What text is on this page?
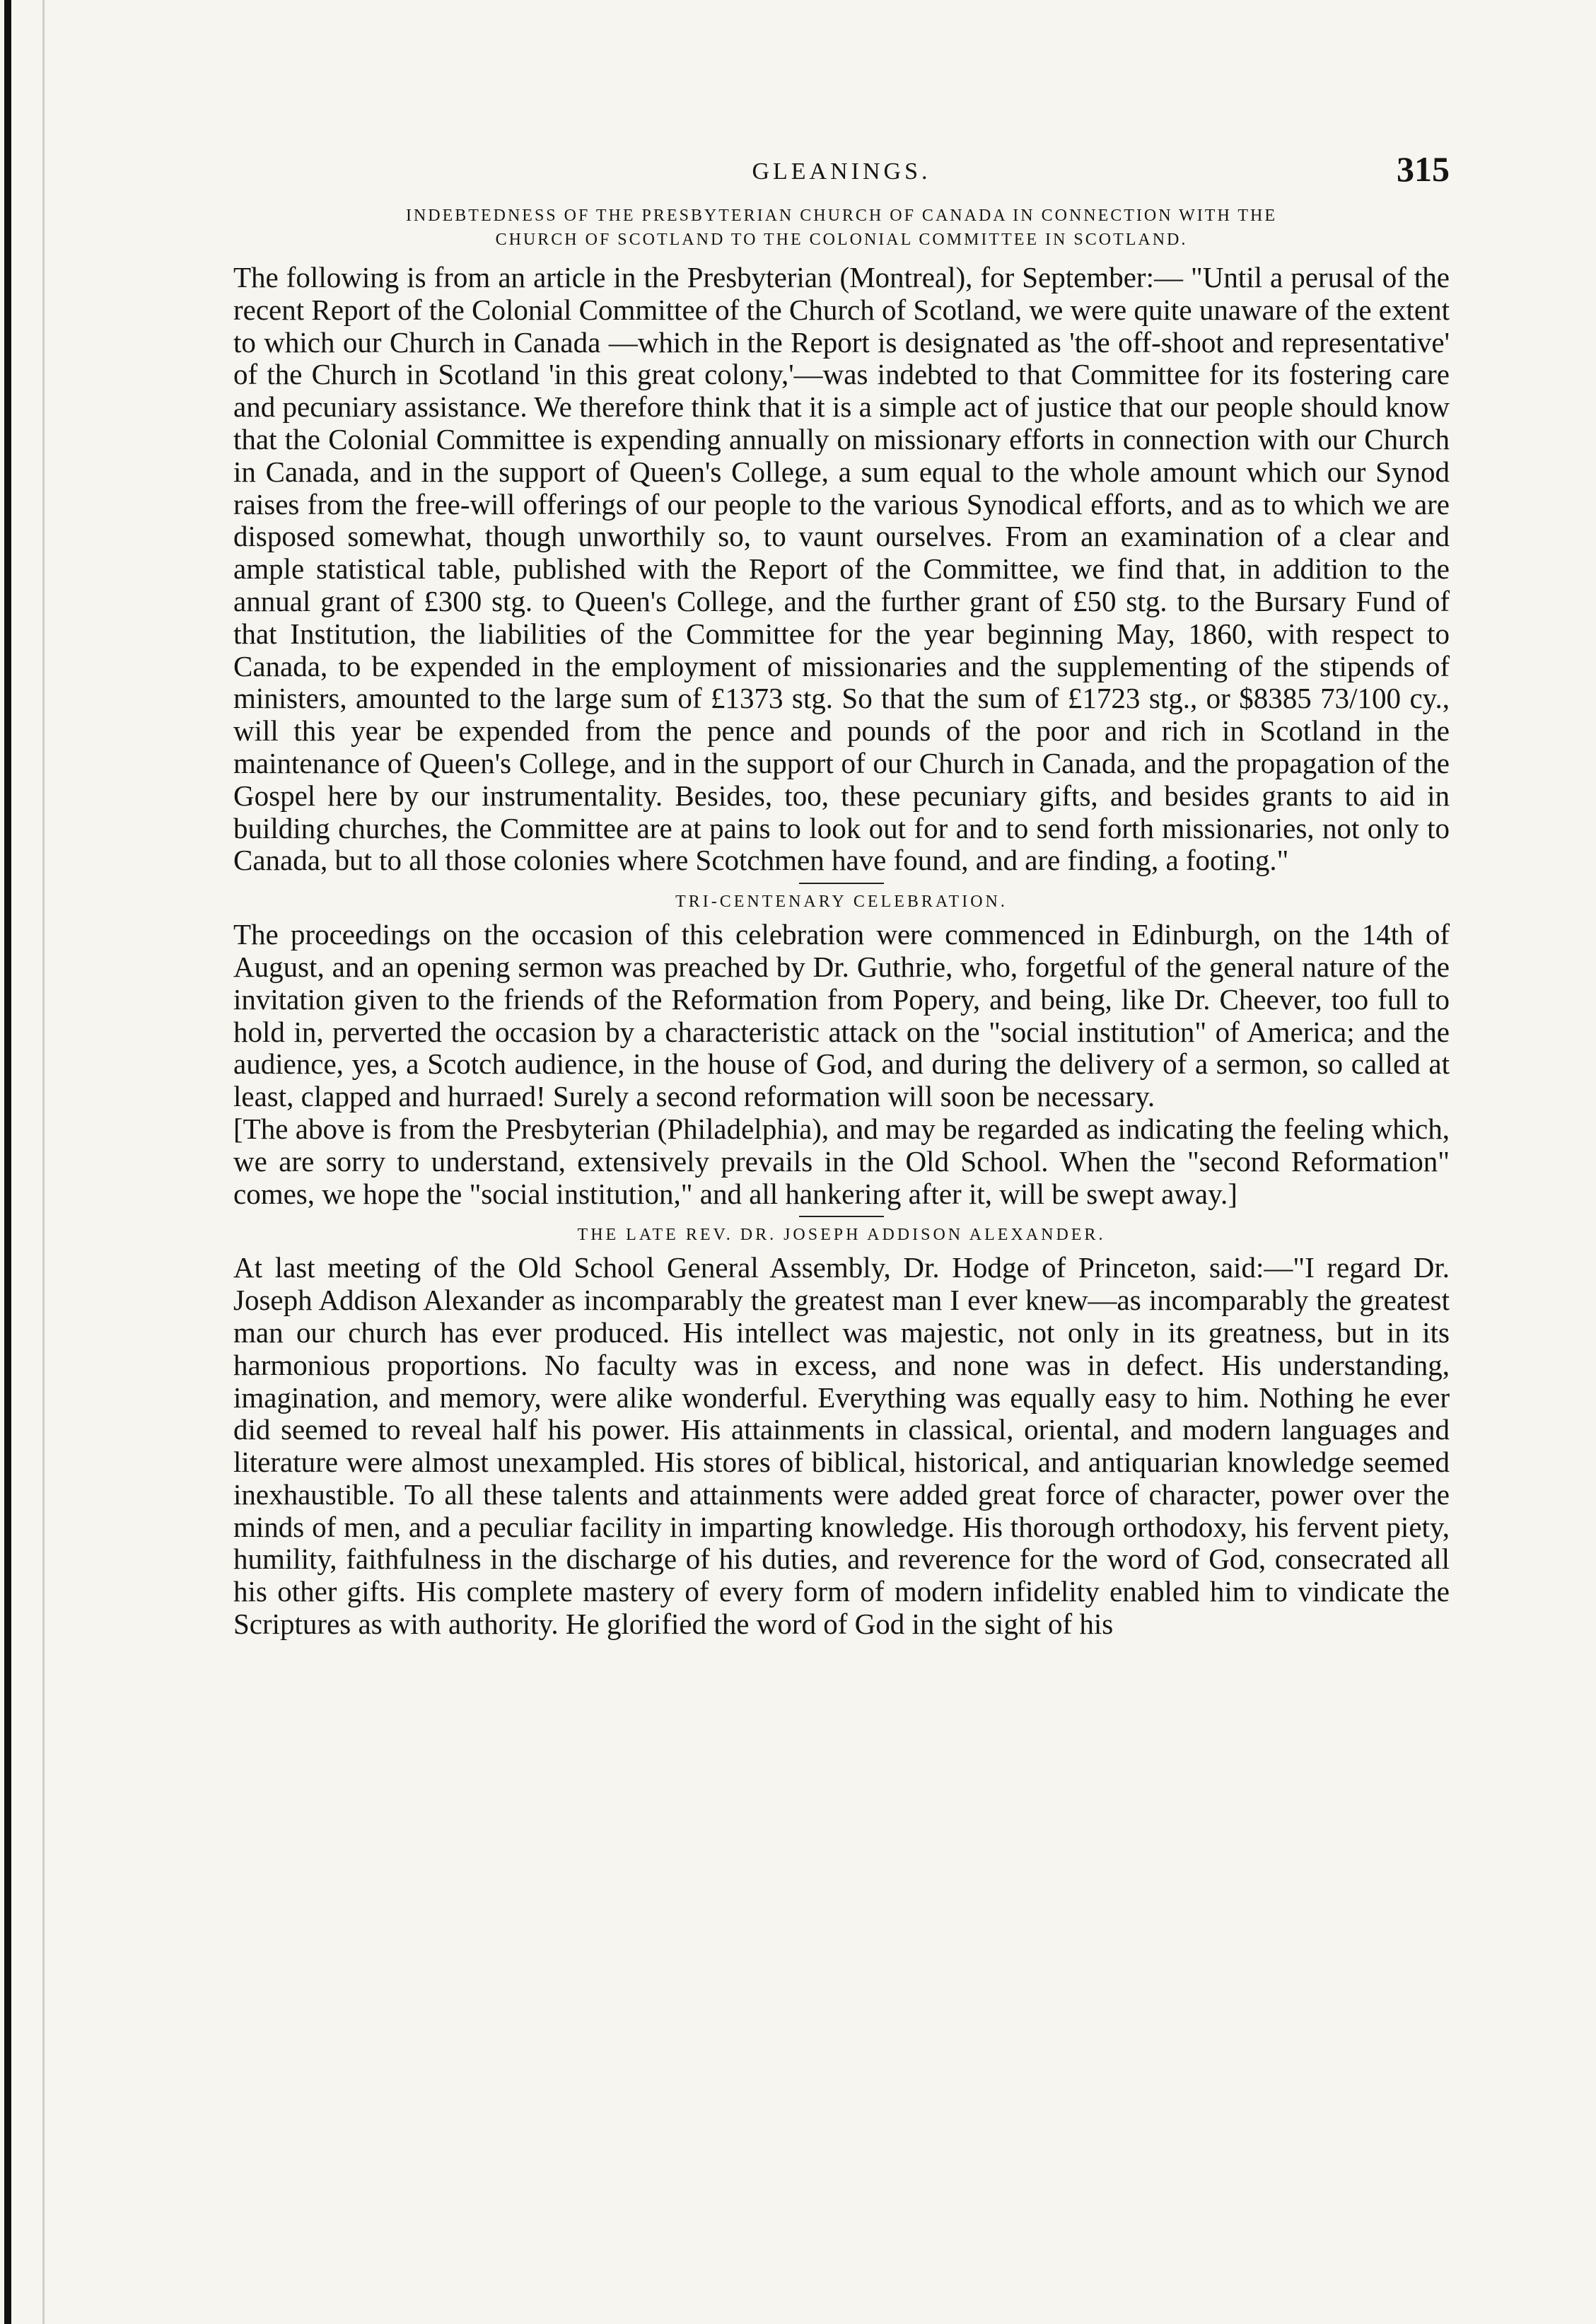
GLEANINGS.	315
INDEBTEDNESS OF THE PRESBYTERIAN CHURCH OF CANADA IN CONNECTION WITH THE
CHURCH OF SCOTLAND TO THE COLONIAL COMMITTEE IN SCOTLAND.

The following is from an article in the Presbyterian (Montreal), for September:— "Until a perusal of the recent Report of the Colonial Committee of the Church of Scotland, we were quite unaware of the extent to which our Church in Canada —which in the Report is designated as 'the off-shoot and representative' of the Church in Scotland 'in this great colony,'—was indebted to that Committee for its fostering care and pecuniary assistance. We therefore think that it is a simple act of justice that our people should know that the Colonial Committee is expending annually on missionary efforts in connection with our Church in Canada, and in the support of Queen's College, a sum equal to the whole amount which our Synod raises from the free-will offerings of our people to the various Synodical efforts, and as to which we are disposed somewhat, though unworthily so, to vaunt ourselves. From an examination of a clear and ample statistical table, published with the Report of the Committee, we find that, in addition to the annual grant of £300 stg. to Queen's College, and the further grant of £50 stg. to the Bursary Fund of that Institution, the liabilities of the Committee for the year beginning May, 1860, with respect to Canada, to be expended in the employment of missionaries and the supplementing of the stipends of ministers, amounted to the large sum of £1373 stg. So that the sum of £1723 stg., or $8385 73/100 cy., will this year be expended from the pence and pounds of the poor and rich in Scotland in the maintenance of Queen's College, and in the support of our Church in Canada, and the propagation of the Gospel here by our instrumentality. Besides, too, these pecuniary gifts, and besides grants to aid in building churches, the Committee are at pains to look out for and to send forth missionaries, not only to Canada, but to all those colonies where Scotchmen have found, and are finding, a footing."

TRI-CENTENARY CELEBRATION.

The proceedings on the occasion of this celebration were commenced in Edinburgh, on the 14th of August, and an opening sermon was preached by Dr. Guthrie, who, forgetful of the general nature of the invitation given to the friends of the Reformation from Popery, and being, like Dr. Cheever, too full to hold in, perverted the occasion by a characteristic attack on the "social institution" of America; and the audience, yes, a Scotch audience, in the house of God, and during the delivery of a sermon, so called at least, clapped and hurraed! Surely a second reformation will soon be necessary.

[The above is from the Presbyterian (Philadelphia), and may be regarded as indicating the feeling which, we are sorry to understand, extensively prevails in the Old School. When the "second Reformation" comes, we hope the "social institution," and all hankering after it, will be swept away.]

THE LATE REV. DR. JOSEPH ADDISON ALEXANDER.

At last meeting of the Old School General Assembly, Dr. Hodge of Princeton, said:—"I regard Dr. Joseph Addison Alexander as incomparably the greatest man I ever knew—as incomparably the greatest man our church has ever produced. His intellect was majestic, not only in its greatness, but in its harmonious proportions. No faculty was in excess, and none was in defect. His understanding, imagination, and memory, were alike wonderful. Everything was equally easy to him. Nothing he ever did seemed to reveal half his power. His attainments in classical, oriental, and modern languages and literature were almost unexampled. His stores of biblical, historical, and antiquarian knowledge seemed inexhaustible. To all these talents and attainments were added great force of character, power over the minds of men, and a peculiar facility in imparting knowledge. His thorough orthodoxy, his fervent piety, humility, faithfulness in the discharge of his duties, and reverence for the word of God, consecrated all his other gifts. His complete mastery of every form of modern infidelity enabled him to vindicate the Scriptures as with authority. He glorified the word of God in the sight of his
